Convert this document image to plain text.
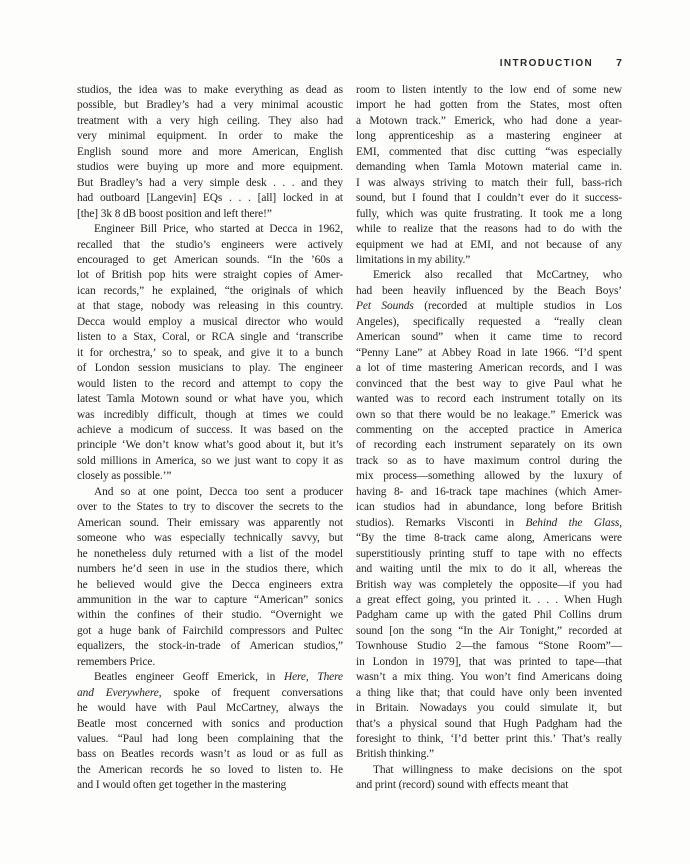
INTRODUCTION 7
studios, the idea was to make everything as dead as
possible, but Bradley’s had a very minimal acoustic
treatment with a very high ceiling. They also had
very minimal equipment. In order to make the
English sound more and more American, English
studios were buying up more and more equipment.
But Bradley’s had a very simple desk . . . and they
had outboard [Langevin] EQs . . . [all] locked in at
[the] 3k 8 dB boost position and left there!”
Engineer Bill Price, who started at Decca in 1962,
recalled that the studio’s engineers were actively
encouraged to get American sounds. “In the ’60s a
lot of British pop hits were straight copies of Amer-
ican records,” he explained, “the originals of which
at that stage, nobody was releasing in this country.
Decca would employ a musical director who would
listen to a Stax, Coral, or RCA single and ‘transcribe
it for orchestra,’ so to speak, and give it to a bunch
of London session musicians to play. The engineer
would listen to the record and attempt to copy the
latest Tamla Motown sound or what have you, which
was incredibly difficult, though at times we could
achieve a modicum of success. It was based on the
principle ‘We don’t know what’s good about it, but it’s
sold millions in America, so we just want to copy it as
closely as possible.’”
And so at one point, Decca too sent a producer
over to the States to try to discover the secrets to the
American sound. Their emissary was apparently not
someone who was especially technically savvy, but
he nonetheless duly returned with a list of the model
numbers he’d seen in use in the studios there, which
he believed would give the Decca engineers extra
ammunition in the war to capture “American” sonics
within the confines of their studio. “Overnight we
got a huge bank of Fairchild compressors and Pultec
equalizers, the stock-in-trade of American studios,”
remembers Price.
Beatles engineer Geoff Emerick, in Here, There
and Everywhere, spoke of frequent conversations
he would have with Paul McCartney, always the
Beatle most concerned with sonics and production
values. “Paul had long been complaining that the
bass on Beatles records wasn’t as loud or as full as
the American records he so loved to listen to. He
and I would often get together in the mastering
room to listen intently to the low end of some new
import he had gotten from the States, most often
a Motown track.” Emerick, who had done a year-
long apprenticeship as a mastering engineer at
EMI, commented that disc cutting “was especially
demanding when Tamla Motown material came in.
I was always striving to match their full, bass-rich
sound, but I found that I couldn’t ever do it success-
fully, which was quite frustrating. It took me a long
while to realize that the reasons had to do with the
equipment we had at EMI, and not because of any
limitations in my ability.”
Emerick also recalled that McCartney, who
had been heavily influenced by the Beach Boys’
Pet Sounds (recorded at multiple studios in Los
Angeles), specifically requested a “really clean
American sound” when it came time to record
“Penny Lane” at Abbey Road in late 1966. “I’d spent
a lot of time mastering American records, and I was
convinced that the best way to give Paul what he
wanted was to record each instrument totally on its
own so that there would be no leakage.” Emerick was
commenting on the accepted practice in America
of recording each instrument separately on its own
track so as to have maximum control during the
mix process—something allowed by the luxury of
having 8- and 16-track tape machines (which Amer-
ican studios had in abundance, long before British
studios). Remarks Visconti in Behind the Glass,
“By the time 8-track came along, Americans were
superstitiously printing stuff to tape with no effects
and waiting until the mix to do it all, whereas the
British way was completely the opposite—if you had
a great effect going, you printed it. . . . When Hugh
Padgham came up with the gated Phil Collins drum
sound [on the song “In the Air Tonight,” recorded at
Townhouse Studio 2—the famous “Stone Room”—
in London in 1979], that was printed to tape—that
wasn’t a mix thing. You won’t find Americans doing
a thing like that; that could have only been invented
in Britain. Nowadays you could simulate it, but
that’s a physical sound that Hugh Padgham had the
foresight to think, ‘I’d better print this.’ That’s really
British thinking.”
That willingness to make decisions on the spot
and print (record) sound with effects meant that
